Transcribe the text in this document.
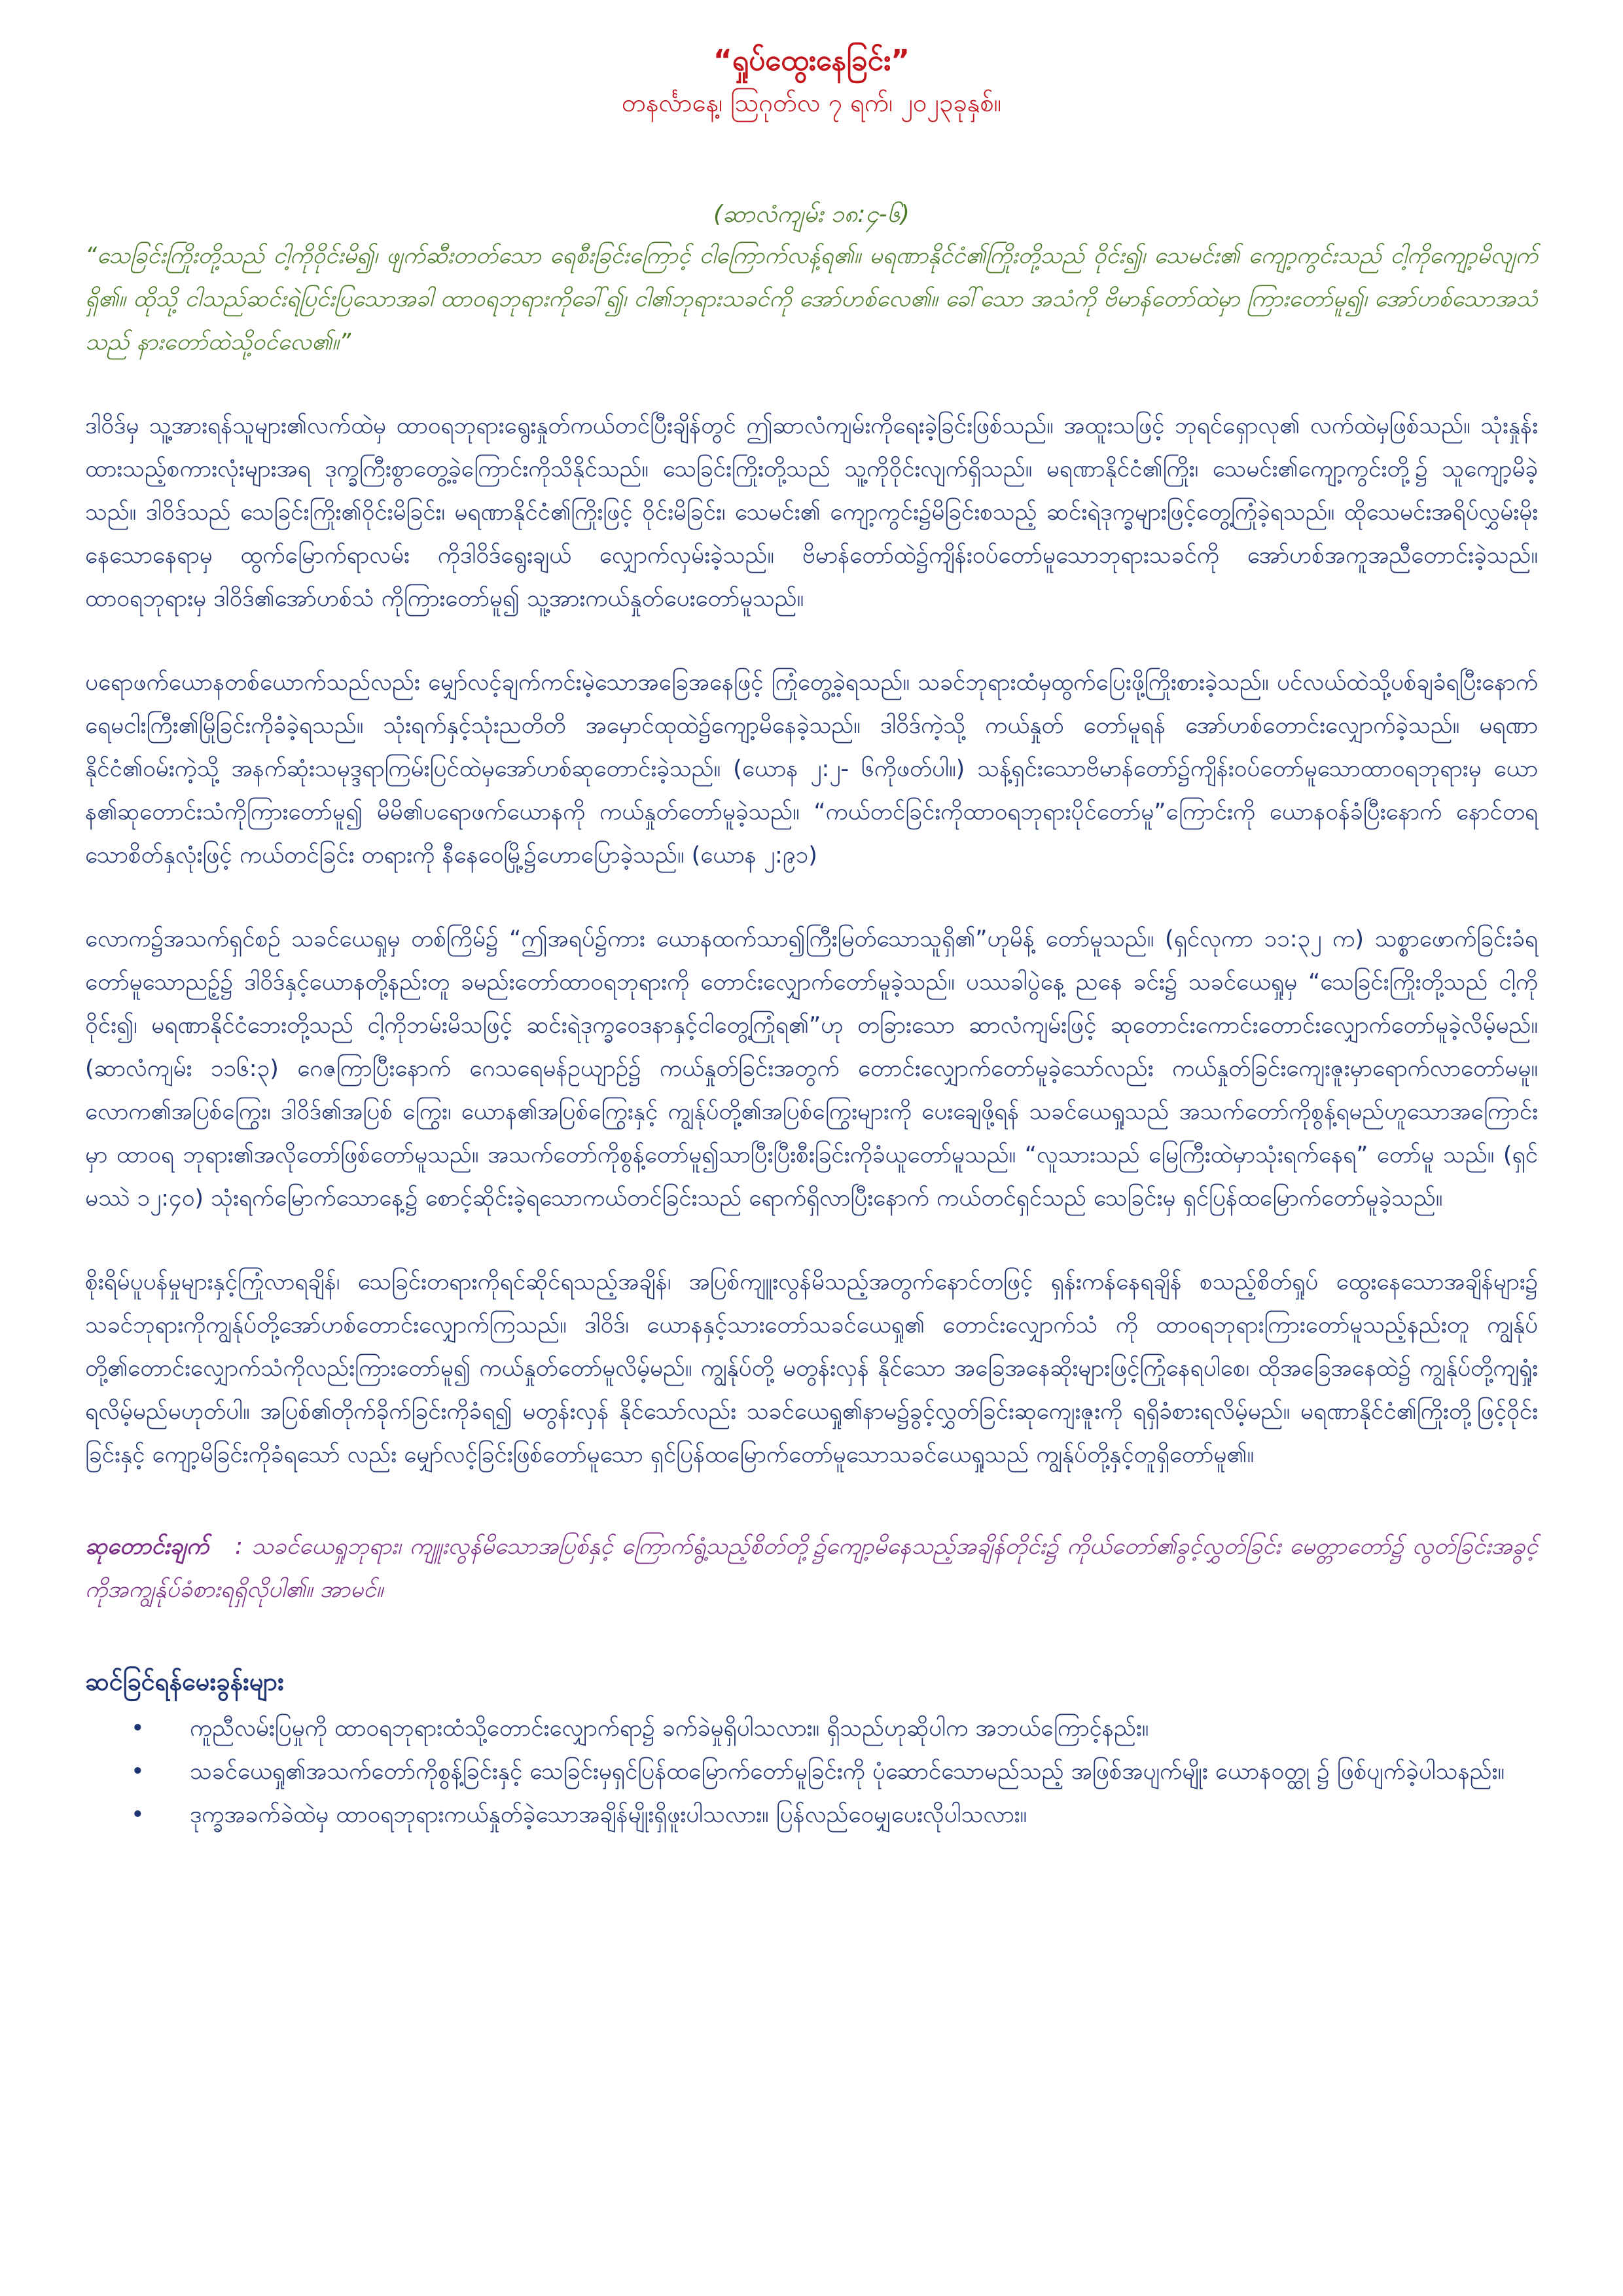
“ရှုပ်ထွေးနေခြင်း”

တနင်္လာနေ့၊ ဩဂုတ်လ ၇ ရက်၊ ၂၀၂၃ခုနှစ်။

(ဆာလံကျမ်း ၁၈:၄-၆)

“သေခြင်းကြိုးတို့သည် ငါ့ကိုဝိုင်းမိ၍၊ ဖျက်ဆီးတတ်သော ရေစီးခြင်းကြောင့် ငါကြောက်လန့်ရ၏။ မရဏာနိုင်ငံ၏ကြိုးတို့သည် ဝိုင်း၍၊ သေမင်း၏ ကျော့ကွင်းသည် ငါ့ကိုကျော့မိလျက်ရှိ၏။ ထိုသို့ ငါသည်ဆင်းရဲပြင်းပြသောအခါ ထာဝရဘုရားကိုခေါ်၍၊ ငါ၏ဘုရားသခင်ကို အော်ဟစ်လေ၏။ ခေါ်သော အသံကို ဗိမာန်တော်ထဲမှာ ကြားတော်မူ၍၊ အော်ဟစ်သောအသံသည် နားတော်ထဲသို့ဝင်လေ၏။”

ဒါဝိဒ်မှ သူ့အားရန်သူများ၏လက်ထဲမှ ထာဝရဘုရားရွေးနှုတ်ကယ်တင်ပြီးချိန်တွင် ဤဆာလံကျမ်းကိုရေးခဲ့ခြင်းဖြစ်သည်။ အထူးသဖြင့် ဘုရင်ရှောလု၏ လက်ထဲမှဖြစ်သည်။ သုံးနှုန်းထားသည့်စကားလုံးများအရ ဒုက္ခကြီးစွာတွေ့ခဲ့ကြောင်းကိုသိနိုင်သည်။ သေခြင်းကြိုးတို့သည် သူ့ကိုဝိုင်းလျက်ရှိသည်။ မရဏာနိုင်ငံ၏ကြိုး၊ သေမင်း၏ကျော့ကွင်းတို့၌ သူကျော့မိခဲ့သည်။ ဒါဝိဒ်သည် သေခြင်းကြိုး၏ဝိုင်းမိခြင်း၊ မရဏာနိုင်ငံ၏ကြိုးဖြင့် ဝိုင်းမိခြင်း၊ သေမင်း၏ ကျော့ကွင်း၌မိခြင်းစသည့် ဆင်းရဲဒုက္ခများဖြင့်တွေ့ကြုံခဲ့ရသည်။ ထိုသေမင်းအရိပ်လွှမ်းမိုးနေသောနေရာမှ ထွက်မြောက်ရာလမ်း ကိုဒါဝိဒ်ရွေးချယ် လျှောက်လှမ်းခဲ့သည်။ ဗိမာန်တော်ထဲ၌ကျိန်းဝပ်တော်မူသောဘုရားသခင်ကို အော်ဟစ်အကူအညီတောင်းခဲ့သည်။ ထာဝရဘုရားမှ ဒါဝိဒ်၏အော်ဟစ်သံ ကိုကြားတော်မူ၍ သူ့အားကယ်နှုတ်ပေးတော်မူသည်။

ပရောဖက်ယောနတစ်ယောက်သည်လည်း မျှော်လင့်ချက်ကင်းမဲ့သောအခြေအနေဖြင့် ကြုံတွေ့ခဲ့ရသည်။ သခင်ဘုရားထံမှထွက်ပြေးဖို့ကြိုးစားခဲ့သည်။ ပင်လယ်ထဲသို့ပစ်ချခံရပြီးနောက် ရေမငါးကြီး၏မြိုခြင်းကိုခံခဲ့ရသည်။ သုံးရက်နှင့်သုံးညတိတိ အမှောင်ထုထဲ၌ကျော့မိနေခဲ့သည်။ ဒါဝိဒ်ကဲ့သို့ ကယ်နှုတ် တော်မူရန် အော်ဟစ်တောင်းလျှောက်ခဲ့သည်။ မရဏာနိုင်ငံ၏ဝမ်းကဲ့သို့ အနက်ဆုံးသမုဒ္ဒရာကြမ်းပြင်ထဲမှအော်ဟစ်ဆုတောင်းခဲ့သည်။ (ယောန ၂:၂- ၆ကိုဖတ်ပါ။) သန့်ရှင်းသောဗိမာန်တော်၌ကျိန်းဝပ်တော်မူသောထာဝရဘုရားမှ ယောန၏ဆုတောင်းသံကိုကြားတော်မူ၍ မိမိ၏ပရောဖက်ယောနကို ကယ်နှုတ်တော်မူခဲ့သည်။ “ကယ်တင်ခြင်းကိုထာဝရဘုရားပိုင်တော်မူ”ကြောင်းကို ယောနဝန်ခံပြီးနောက် နောင်တရသောစိတ်နှလုံးဖြင့် ကယ်တင်ခြင်း တရားကို နီနေဝေမြို့၌ဟောပြောခဲ့သည်။ (ယောန ၂:၉၁)

လောက၌အသက်ရှင်စဉ် သခင်ယေရှုမှ တစ်ကြိမ်၌ “ဤအရပ်၌ကား ယောနထက်သာ၍ကြီးမြတ်သောသူရှိ၏”ဟုမိန့် တော်မူသည်။ (ရှင်လုကာ ၁၁:၃၂ က) သစ္စာဖောက်ခြင်းခံရတော်မူသောညဉ့်၌ ဒါဝိဒ်နှင့်ယောနတို့နည်းတူ ခမည်းတော်ထာဝရဘုရားကို တောင်းလျှောက်တော်မူခဲ့သည်။ ပဿခါပွဲနေ့ ညနေ ခင်း၌ သခင်ယေရှုမှ “သေခြင်းကြိုးတို့သည် ငါ့ကိုဝိုင်း၍၊ မရဏာနိုင်ငံဘေးတို့သည် ငါ့ကိုဘမ်းမိသဖြင့် ဆင်းရဲဒုက္ခဝေဒနာနှင့်ငါတွေ့ကြုံရ၏”ဟု တခြားသော ဆာလံကျမ်းဖြင့် ဆုတောင်းကောင်းတောင်းလျှောက်တော်မူခဲ့လိမ့်မည်။ (ဆာလံကျမ်း ၁၁၆:၃) ဂေဇကြာပြီးနောက် ဂေသရေမန်ဥယျာဉ်၌ ကယ်နှုတ်ခြင်းအတွက် တောင်းလျှောက်တော်မူခဲ့သော်လည်း ကယ်နှုတ်ခြင်းကျေးဇူးမှာရောက်လာတော်မမူ။ လောက၏အပြစ်ကြွေး၊ ဒါဝိဒ်၏အပြစ် ကြွေး၊ ယောန၏အပြစ်ကြွေးနှင့် ကျွန်ုပ်တို့၏အပြစ်ကြွေးများကို ပေးချေဖို့ရန် သခင်ယေရှုသည် အသက်တော်ကိုစွန့်ရမည်ဟူသောအကြောင်းမှာ ထာဝရ ဘုရား၏အလိုတော်ဖြစ်တော်မူသည်။ အသက်တော်ကိုစွန့်တော်မူ၍သာပြီးပြီးစီးခြင်းကိုခံယူတော်မူသည်။ “လူသားသည် မြေကြီးထဲမှာသုံးရက်နေရ” တော်မူ သည်။ (ရှင်မဿဲ ၁၂:၄၀) သုံးရက်မြောက်သောနေ့၌ စောင့်ဆိုင်းခဲ့ရသောကယ်တင်ခြင်းသည် ရောက်ရှိလာပြီးနောက် ကယ်တင်ရှင်သည် သေခြင်းမှ ရှင်ပြန်ထမြောက်တော်မူခဲ့သည်။

စိုးရိမ်ပူပန်မှုများနှင့်ကြုံလာရချိန်၊ သေခြင်းတရားကိုရင်ဆိုင်ရသည့်အချိန်၊ အပြစ်ကျူးလွန်မိသည့်အတွက်နောင်တဖြင့် ရှန်းကန်နေရချိန် စသည့်စိတ်ရှုပ် ထွေးနေသောအချိန်များ၌ သခင်ဘုရားကိုကျွန်ုပ်တို့အော်ဟစ်တောင်းလျှောက်ကြသည်။ ဒါဝိဒ်၊ ယောနနှင့်သားတော်သခင်ယေရှု၏ တောင်းလျှောက်သံ ကို ထာဝရဘုရားကြားတော်မူသည့်နည်းတူ ကျွန်ုပ်တို့၏တောင်းလျှောက်သံကိုလည်းကြားတော်မူ၍ ကယ်နှုတ်တော်မူလိမ့်မည်။ ကျွန်ုပ်တို့ မတွန်းလှန် နိုင်သော အခြေအနေဆိုးများဖြင့်ကြုံနေရပါစေ၊ ထိုအခြေအနေထဲ၌ ကျွန်ုပ်တို့ကျရှုံးရလိမ့်မည်မဟုတ်ပါ။ အပြစ်၏တိုက်ခိုက်ခြင်းကိုခံရ၍ မတွန်းလှန် နိုင်သော်လည်း သခင်ယေရှု၏နာမ၌ခွင့်လွှတ်ခြင်းဆုကျေးဇူးကို ရရှိခံစားရလိမ့်မည်။ မရဏာနိုင်ငံ၏ကြိုးတို့ဖြင့်ဝိုင်းခြင်းနှင့် ကျော့မိခြင်းကိုခံရသော် လည်း မျှော်လင့်ခြင်းဖြစ်တော်မူသော ရှင်ပြန်ထမြောက်တော်မူသောသခင်ယေရှုသည် ကျွန်ုပ်တို့နှင့်တူရှိတော်မူ၏။

ဆုတောင်းချက် : သခင်ယေရှုဘုရား၊ ကျူးလွန်မိသောအပြစ်နှင့် ကြောက်ရွံ့သည့်စိတ်တို့၌ကျော့မိနေသည့်အချိန်တိုင်း၌ ကိုယ်တော်၏ခွင့်လွှတ်ခြင်း မေတ္တာတော်၌ လွတ်ခြင်းအခွင့်ကိုအကျွန်ုပ်ခံစားရရှိလိုပါ၏။ အာမင်။

ဆင်ခြင်ရန်မေးခွန်းများ

• ကူညီလမ်းပြမှုကို ထာဝရဘုရားထံသို့တောင်းလျှောက်ရာ၌ ခက်ခဲမှုရှိပါသလား။ ရှိသည်ဟုဆိုပါက အဘယ်ကြောင့်နည်း။
• သခင်ယေရှု၏အသက်တော်ကိုစွန့်ခြင်းနှင့် သေခြင်းမှရှင်ပြန်ထမြောက်တော်မူခြင်းကို ပုံဆောင်သောမည်သည့် အဖြစ်အပျက်မျိုး ယောနဝတ္ထု ၌ ဖြစ်ပျက်ခဲ့ပါသနည်း။
• ဒုက္ခအခက်ခဲထဲမှ ထာဝရဘုရားကယ်နှုတ်ခဲ့သောအချိန်မျိုးရှိဖူးပါသလား။ ပြန်လည်ဝေမျှပေးလိုပါသလား။
